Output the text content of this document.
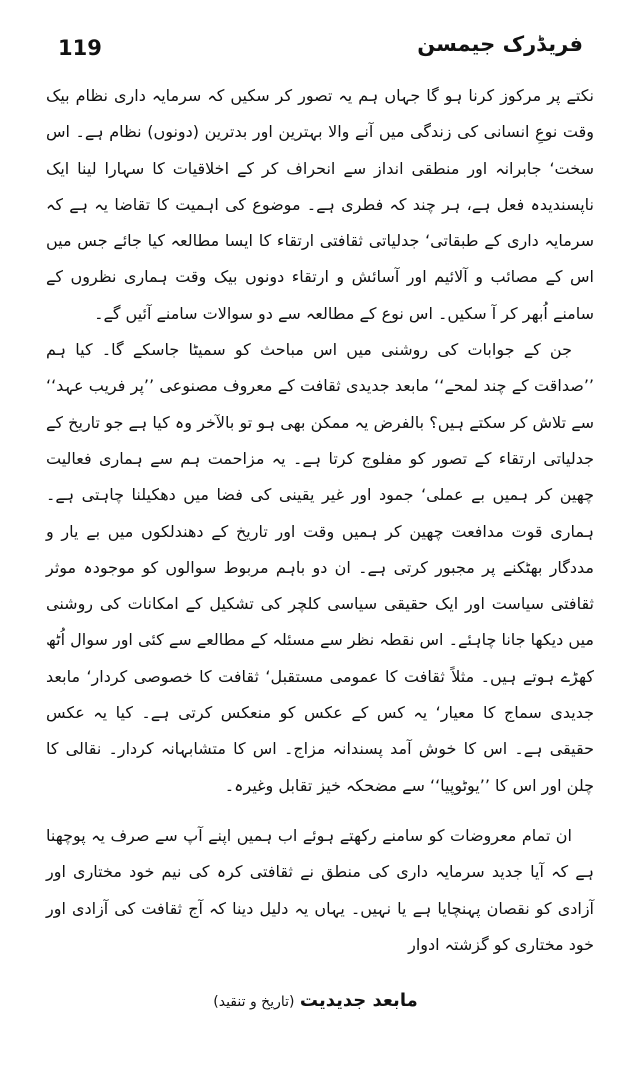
119	فریڈرک جیمسن

نکتے پر مرکوز کرنا ہو گا جہاں ہم یہ تصور کر سکیں کہ سرمایہ داری نظام بیک وقت نوعِ انسانی کی زندگی میں آنے والا بہترین اور بدترین (دونوں) نظام ہے۔ اس سخت‘ جابرانہ اور منطقی انداز سے انحراف کر کے اخلاقیات کا سہارا لینا ایک ناپسندیدہ فعل ہے، ہر چند کہ فطری ہے۔ موضوع کی اہمیت کا تقاضا یہ ہے کہ سرمایہ داری کے طبقاتی‘ جدلیاتی ثقافتی ارتقاء کا ایسا مطالعہ کیا جائے جس میں اس کے مصائب و آلائیم اور آسائش و ارتقاء دونوں بیک وقت ہماری نظروں کے سامنے اُبھر کر آ سکیں۔ اس نوع کے مطالعہ سے دو سوالات سامنے آئیں گے۔

جن کے جوابات کی روشنی میں اس مباحث کو سمیٹا جاسکے گا۔ کیا ہم ’’صداقت کے چند لمحے‘‘ مابعد جدیدی ثقافت کے معروف مصنوعی ’’پر فریب عہد‘‘ سے تلاش کر سکتے ہیں؟ بالفرض یہ ممکن بھی ہو تو بالآخر وہ کیا ہے جو تاریخ کے جدلیاتی ارتقاء کے تصور کو مفلوج کرتا ہے۔ یہ مزاحمت ہم سے ہماری فعالیت چھین کر ہمیں بے عملی‘ جمود اور غیر یقینی کی فضا میں دھکیلنا چاہتی ہے۔ ہماری قوت مدافعت چھین کر ہمیں وقت اور تاریخ کے دھندلکوں میں بے یار و مددگار بھٹکنے پر مجبور کرتی ہے۔ ان دو باہم مربوط سوالوں کو موجودہ موثر ثقافتی سیاست اور ایک حقیقی سیاسی کلچر کی تشکیل کے امکانات کی روشنی میں دیکھا جانا چاہئے۔ اس نقطہ نظر سے مسئلہ کے مطالعے سے کئی اور سوال اُٹھ کھڑے ہوتے ہیں۔ مثلاً ثقافت کا عمومی مستقبل‘ ثقافت کا خصوصی کردار‘ مابعد جدیدی سماج کا معیار‘ یہ کس کے عکس کو منعکس کرتی ہے۔ کیا یہ عکس حقیقی ہے۔ اس کا خوش آمد پسندانہ مزاج۔ اس کا متشابہانہ کردار۔ نقالی کا چلن اور اس کا ’’یوٹوپیا‘‘ سے مضحکہ خیز تقابل وغیرہ۔

ان تمام معروضات کو سامنے رکھتے ہوئے اب ہمیں اپنے آپ سے صرف یہ پوچھنا ہے کہ آیا جدید سرمایہ داری کی منطق نے ثقافتی کرہ کی نیم خود مختاری اور آزادی کو نقصان پہنچایا ہے یا نہیں۔ یہاں یہ دلیل دینا کہ آج ثقافت کی آزادی اور خود مختاری کو گزشتہ ادوار

مابعد جدیدیت (تاریخ و تنقید)
